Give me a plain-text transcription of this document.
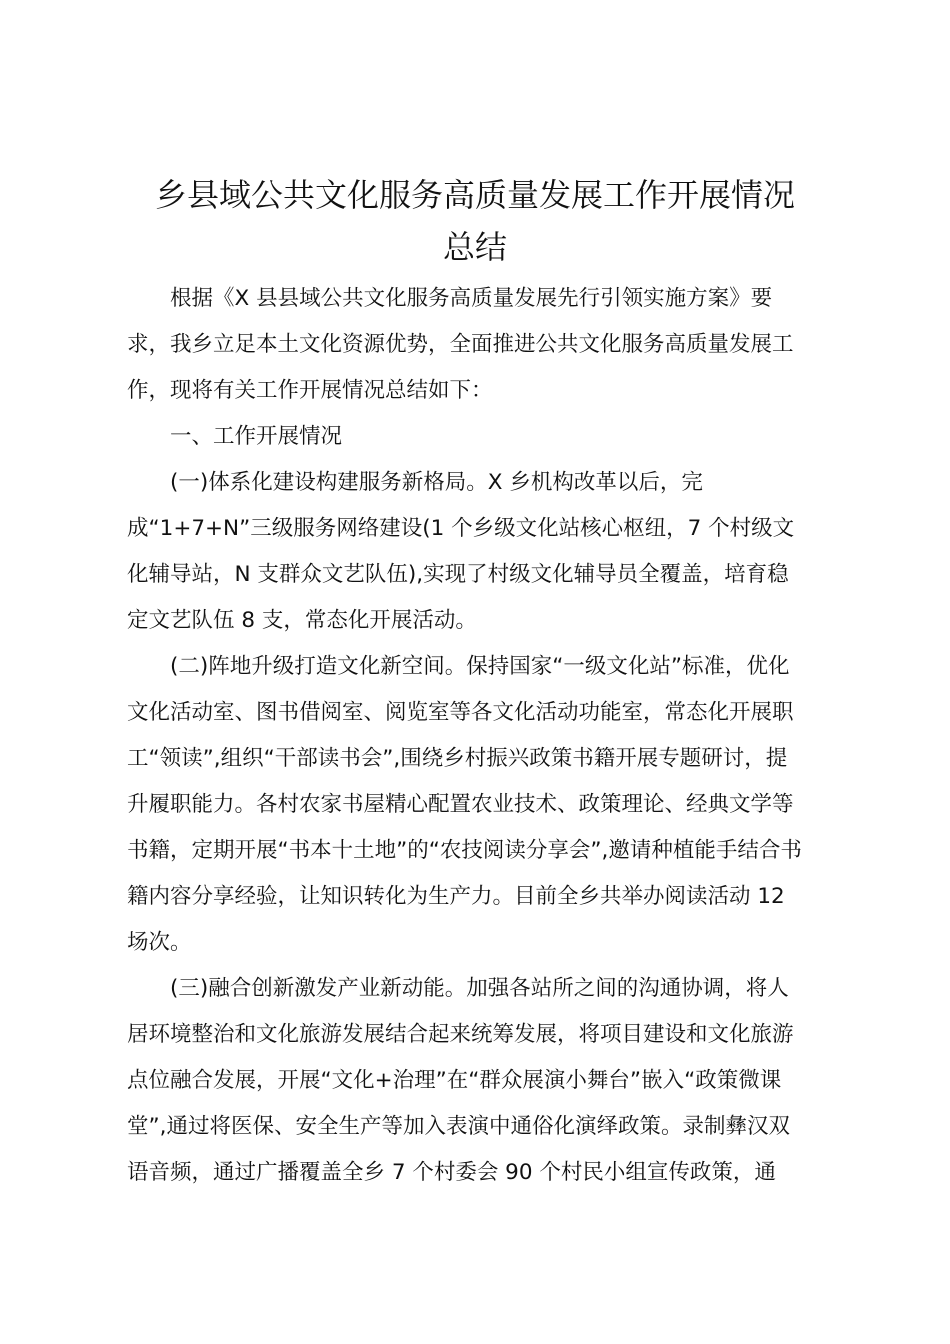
乡县域公共文化服务高质量发展工作开展情况
总结
根据《X 县县域公共文化服务高质量发展先行引领实施方案》要
求，我乡立足本土文化资源优势，全面推进公共文化服务高质量发展工
作，现将有关工作开展情况总结如下：
一、工作开展情况
(一)体系化建设构建服务新格局。X 乡机构改革以后，完
成“1+7+N”三级服务网络建设(1 个乡级文化站核心枢纽，7 个村级文
化辅导站，N 支群众文艺队伍),实现了村级文化辅导员全覆盖，培育稳
定文艺队伍 8 支，常态化开展活动。
(二)阵地升级打造文化新空间。保持国家“一级文化站”标准，优化
文化活动室、图书借阅室、阅览室等各文化活动功能室，常态化开展职
工“领读”,组织“干部读书会”,围绕乡村振兴政策书籍开展专题研讨，提
升履职能力。各村农家书屋精心配置农业技术、政策理论、经典文学等
书籍，定期开展“书本十土地”的“农技阅读分享会”,邀请种植能手结合书
籍内容分享经验，让知识转化为生产力。目前全乡共举办阅读活动 12
场次。
(三)融合创新激发产业新动能。加强各站所之间的沟通协调，将人
居环境整治和文化旅游发展结合起来统筹发展，将项目建设和文化旅游
点位融合发展，开展“文化+治理”在“群众展演小舞台”嵌入“政策微课
堂”,通过将医保、安全生产等加入表演中通俗化演绎政策。录制彝汉双
语音频，通过广播覆盖全乡 7 个村委会 90 个村民小组宣传政策，通
